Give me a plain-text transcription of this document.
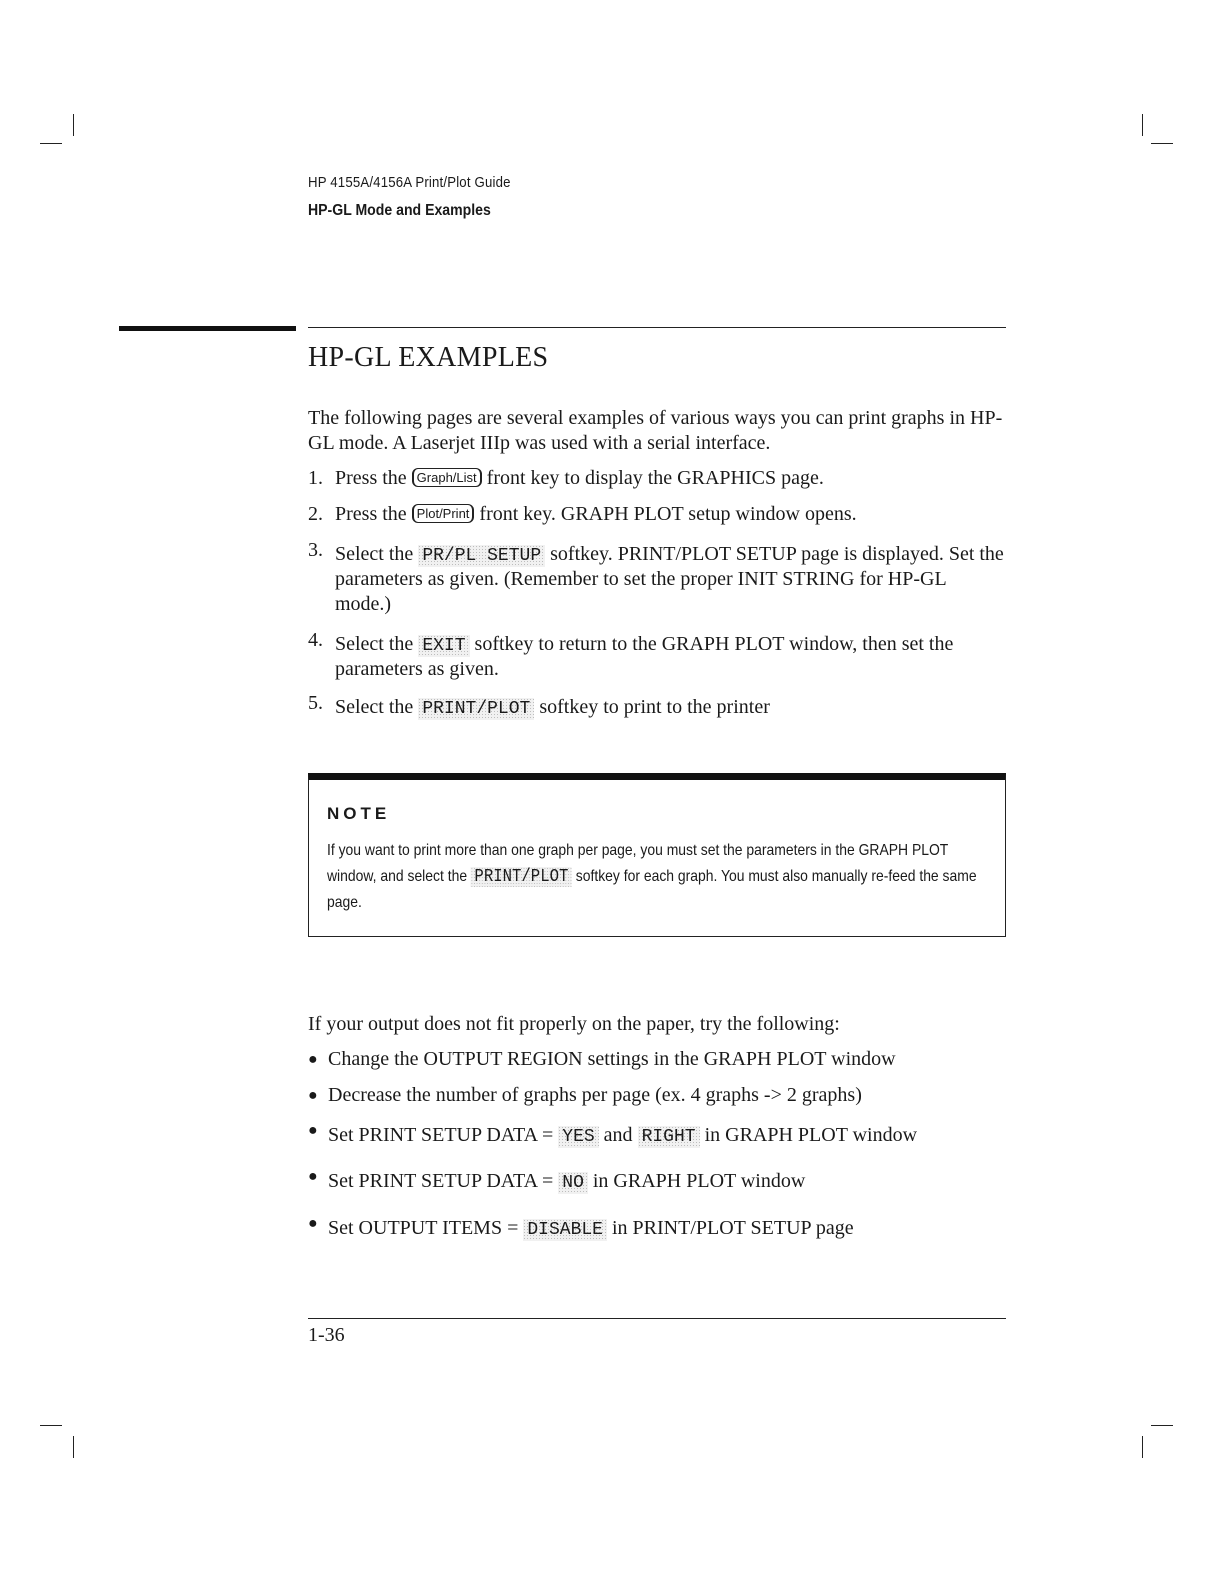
HP 4155A/4156A Print/Plot Guide
HP-GL Mode and Examples
HP-GL EXAMPLES

The following pages are several examples of various ways you can print graphs in HP-GL mode. A Laserjet IIIp was used with a serial interface.

1. Press the Graph/List front key to display the GRAPHICS page.
2. Press the Plot/Print front key. GRAPH PLOT setup window opens.
3. Select the PR/PL SETUP softkey. PRINT/PLOT SETUP page is displayed. Set the parameters as given. (Remember to set the proper INIT STRING for HP-GL mode.)
4. Select the EXIT softkey to return to the GRAPH PLOT window, then set the parameters as given.
5. Select the PRINT/PLOT softkey to print to the printer
NOTE

If you want to print more than one graph per page, you must set the parameters in the GRAPH PLOT window, and select the PRINT/PLOT softkey for each graph. You must also manually re-feed the same page.

If your output does not fit properly on the paper, try the following:

● Change the OUTPUT REGION settings in the GRAPH PLOT window
● Decrease the number of graphs per page (ex. 4 graphs -> 2 graphs)
● Set PRINT SETUP DATA = YES and RIGHT in GRAPH PLOT window
● Set PRINT SETUP DATA = NO in GRAPH PLOT window
● Set OUTPUT ITEMS = DISABLE in PRINT/PLOT SETUP page
1-36
